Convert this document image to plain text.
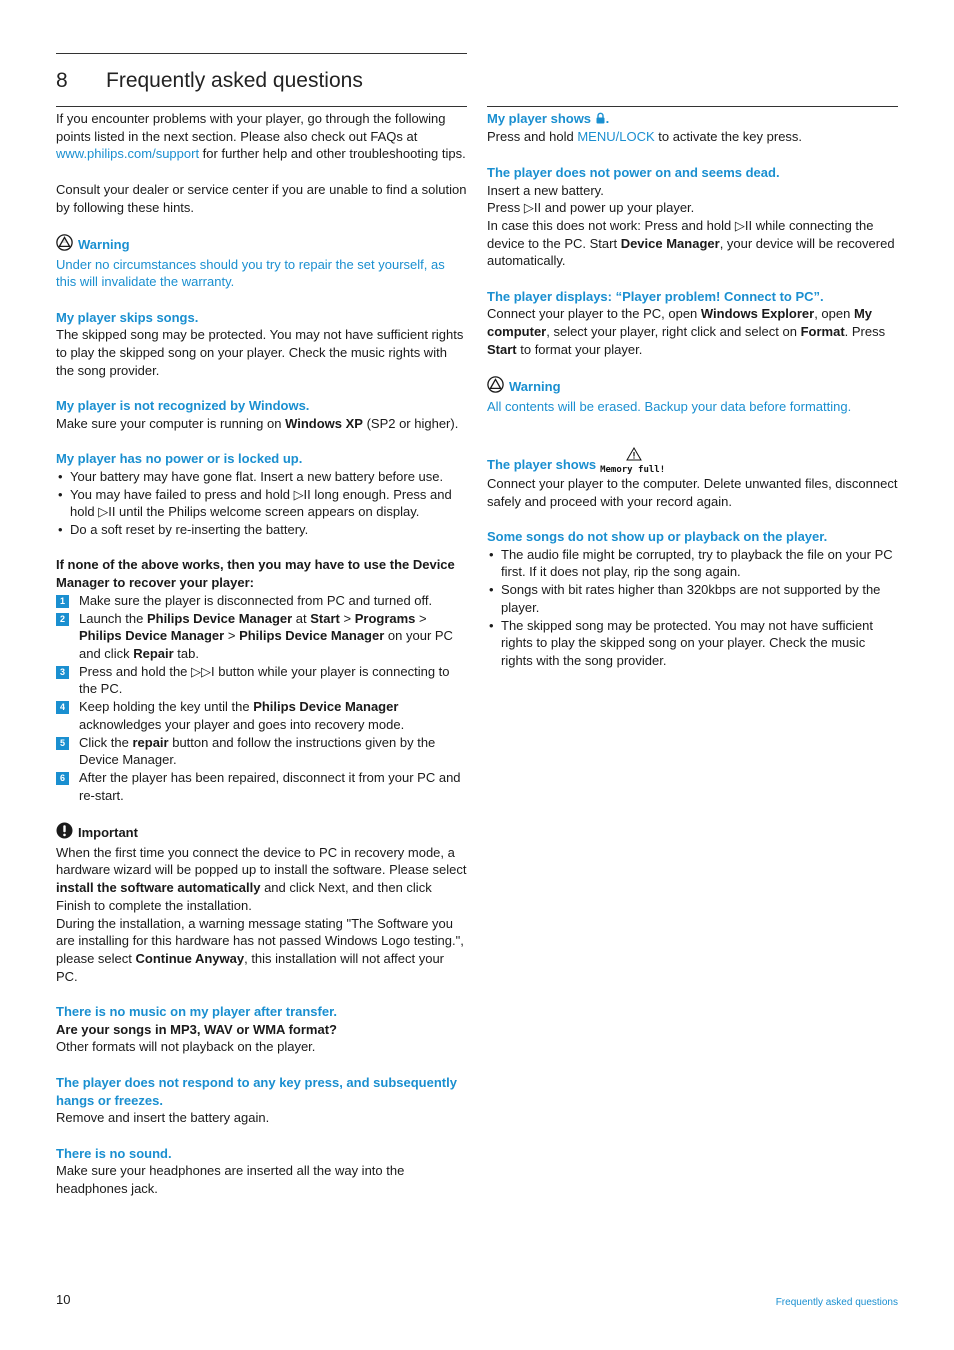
8 Frequently asked questions

If you encounter problems with your player, go through the following points listed in the next section. Please also check out FAQs at www.philips.com/support for further help and other troubleshooting tips.

Consult your dealer or service center if you are unable to find a solution by following these hints.

Warning

Under no circumstances should you try to repair the set yourself, as this will invalidate the warranty.

My player skips songs.

The skipped song may be protected. You may not have sufficient rights to play the skipped song on your player. Check the music rights with the song provider.

My player is not recognized by Windows.

Make sure your computer is running on Windows XP (SP2 or higher).

My player has no power or is locked up.

• Your battery may have gone flat. Insert a new battery before use.
• You may have failed to press and hold ▷II long enough. Press and hold ▷II until the Philips welcome screen appears on display.
• Do a soft reset by re-inserting the battery.

If none of the above works, then you may have to use the Device Manager to recover your player:

1	Make sure the player is disconnected from PC and turned off.
2	Launch the Philips Device Manager at Start > Programs > Philips Device Manager > Philips Device Manager on your PC and click Repair tab.
3	Press and hold the ▷▷I button while your player is connecting to the PC.
4	Keep holding the key until the Philips Device Manager acknowledges your player and goes into recovery mode.
5	Click the repair button and follow the instructions given by the Device Manager.
6	After the player has been repaired, disconnect it from your PC and re-start.
Important

When the first time you connect the device to PC in recovery mode, a hardware wizard will be popped up to install the software. Please select install the software automatically and click Next, and then click Finish to complete the installation.

During the installation, a warning message stating "The Software you are installing for this hardware has not passed Windows Logo testing.", please select Continue Anyway, this installation will not affect your PC.

There is no music on my player after transfer.

Are your songs in MP3, WAV or WMA format?

Other formats will not playback on the player.

The player does not respond to any key press, and subsequently hangs or freezes.

Remove and insert the battery again.

There is no sound.

Make sure your headphones are inserted all the way into the headphones jack.

My player shows .

Press and hold MENU/LOCK to activate the key press.

The player does not power on and seems dead.

Insert a new battery.

Press ▷II and power up your player.

In case this does not work: Press and hold ▷II while connecting the device to the PC. Start Device Manager, your device will be recovered automatically.

The player displays: “Player problem! Connect to PC”.

Connect your player to the PC, open Windows Explorer, open My computer, select your player, right click and select on Format. Press Start to format your player.

Warning

All contents will be erased. Backup your data before formatting.

The player shows Memory full!

Connect your player to the computer. Delete unwanted files, disconnect safely and proceed with your record again.

Some songs do not show up or playback on the player.

• The audio file might be corrupted, try to playback the file on your PC first. If it does not play, rip the song again.
• Songs with bit rates higher than 320kbps are not supported by the player.
• The skipped song may be protected. You may not have sufficient rights to play the skipped song on your player. Check the music rights with the song provider.
10	Frequently asked questions
